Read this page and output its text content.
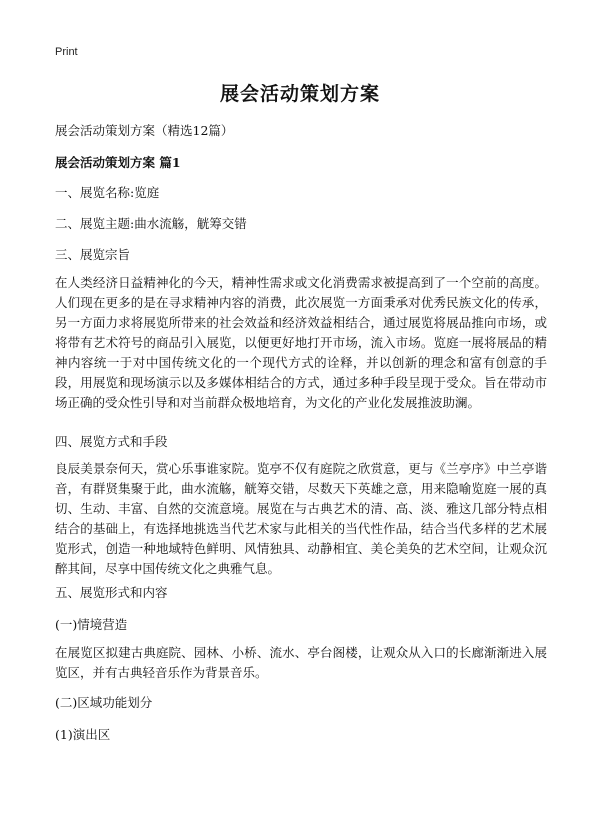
Print
展会活动策划方案
展会活动策划方案（精选12篇）
展会活动策划方案 篇1
一、展览名称:览庭
二、展览主题:曲水流觞，觥筹交错
三、展览宗旨

在人类经济日益精神化的今天，精神性需求或文化消费需求被提高到了一个空前的高度。人们现在更多的是在寻求精神内容的消费，此次展览一方面秉承对优秀民族文化的传承，另一方面力求将展览所带来的社会效益和经济效益相结合，通过展览将展品推向市场，或将带有艺术符号的商品引入展览，以便更好地打开市场，流入市场。览庭一展将展品的精神内容统一于对中国传统文化的一个现代方式的诠释，并以创新的理念和富有创意的手段，用展览和现场演示以及多媒体相结合的方式，通过多种手段呈现于受众。旨在带动市场正确的受众性引导和对当前群众极地培育，为文化的产业化发展推波助澜。

四、展览方式和手段

良辰美景奈何天，赏心乐事谁家院。览亭不仅有庭院之欣赏意，更与《兰亭序》中兰亭谐音，有群贤集聚于此，曲水流觞，觥筹交错，尽数天下英雄之意，用来隐喻览庭一展的真切、生动、丰富、自然的交流意境。展览在与古典艺术的清、高、淡、雅这几部分特点相结合的基础上，有选择地挑选当代艺术家与此相关的当代性作品，结合当代多样的艺术展览形式，创造一种地域特色鲜明、风情独具、动静相宜、美仑美奂的艺术空间，让观众沉醉其间，尽享中国传统文化之典雅气息。

五、展览形式和内容
(一)情境营造

在展览区拟建古典庭院、园林、小桥、流水、亭台阁楼，让观众从入口的长廊渐渐进入展览区，并有古典轻音乐作为背景音乐。

(二)区域功能划分
(1)演出区
